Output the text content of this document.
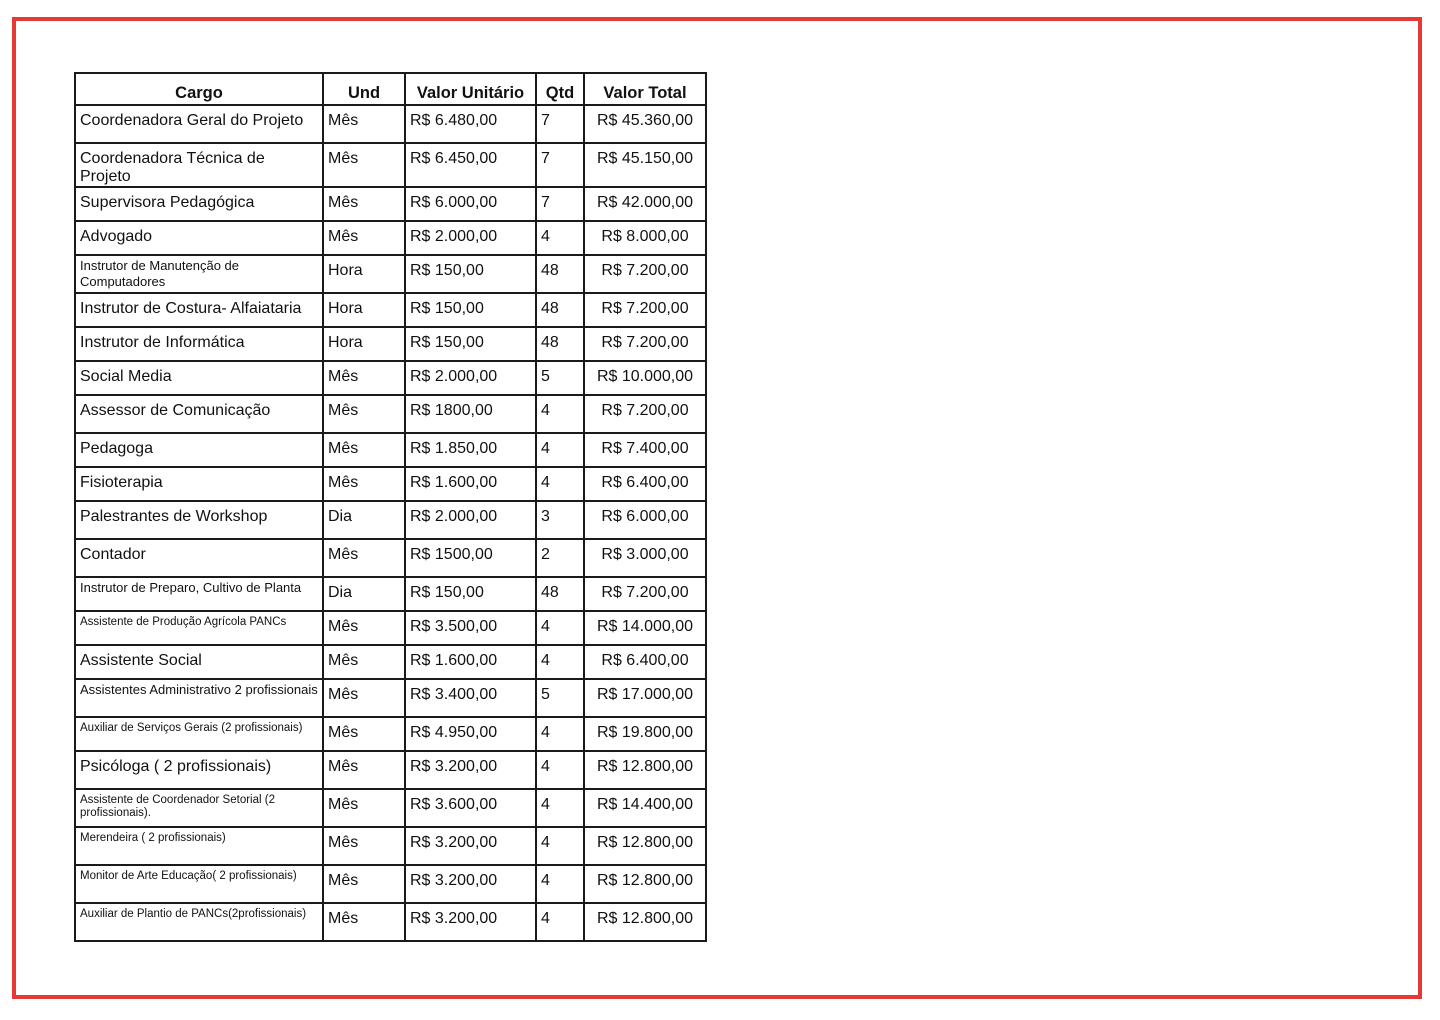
Cargo	Und	Valor Unitário	Qtd	Valor Total
Coordenadora Geral do Projeto	Mês	R$ 6.480,00	7	R$ 45.360,00
Coordenadora Técnica de Projeto	Mês	R$ 6.450,00	7	R$ 45.150,00
Supervisora Pedagógica	Mês	R$ 6.000,00	7	R$ 42.000,00
Advogado	Mês	R$ 2.000,00	4	R$ 8.000,00
Instrutor de Manutenção de Computadores	Hora	R$ 150,00	48	R$ 7.200,00
Instrutor de Costura- Alfaiataria	Hora	R$ 150,00	48	R$ 7.200,00
Instrutor de Informática	Hora	R$ 150,00	48	R$ 7.200,00
Social Media	Mês	R$ 2.000,00	5	R$ 10.000,00
Assessor de Comunicação	Mês	R$ 1800,00	4	R$ 7.200,00
Pedagoga	Mês	R$ 1.850,00	4	R$ 7.400,00
Fisioterapia	Mês	R$ 1.600,00	4	R$ 6.400,00
Palestrantes de Workshop	Dia	R$ 2.000,00	3	R$ 6.000,00
Contador	Mês	R$ 1500,00	2	R$ 3.000,00
Instrutor de Preparo, Cultivo de Planta	Dia	R$ 150,00	48	R$ 7.200,00
Assistente de Produção Agrícola PANCs	Mês	R$ 3.500,00	4	R$ 14.000,00
Assistente Social	Mês	R$ 1.600,00	4	R$ 6.400,00
Assistentes Administrativo 2 profissionais	Mês	R$ 3.400,00	5	R$ 17.000,00
Auxiliar de Serviços Gerais (2 profissionais)	Mês	R$ 4.950,00	4	R$ 19.800,00
Psicóloga ( 2 profissionais)	Mês	R$ 3.200,00	4	R$ 12.800,00
Assistente de Coordenador Setorial (2 profissionais).	Mês	R$ 3.600,00	4	R$ 14.400,00
Merendeira ( 2 profissionais)	Mês	R$ 3.200,00	4	R$ 12.800,00
Monitor de Arte Educação( 2 profissionais)	Mês	R$ 3.200,00	4	R$ 12.800,00
Auxiliar de Plantio de PANCs(2profissionais)	Mês	R$ 3.200,00	4	R$ 12.800,00
